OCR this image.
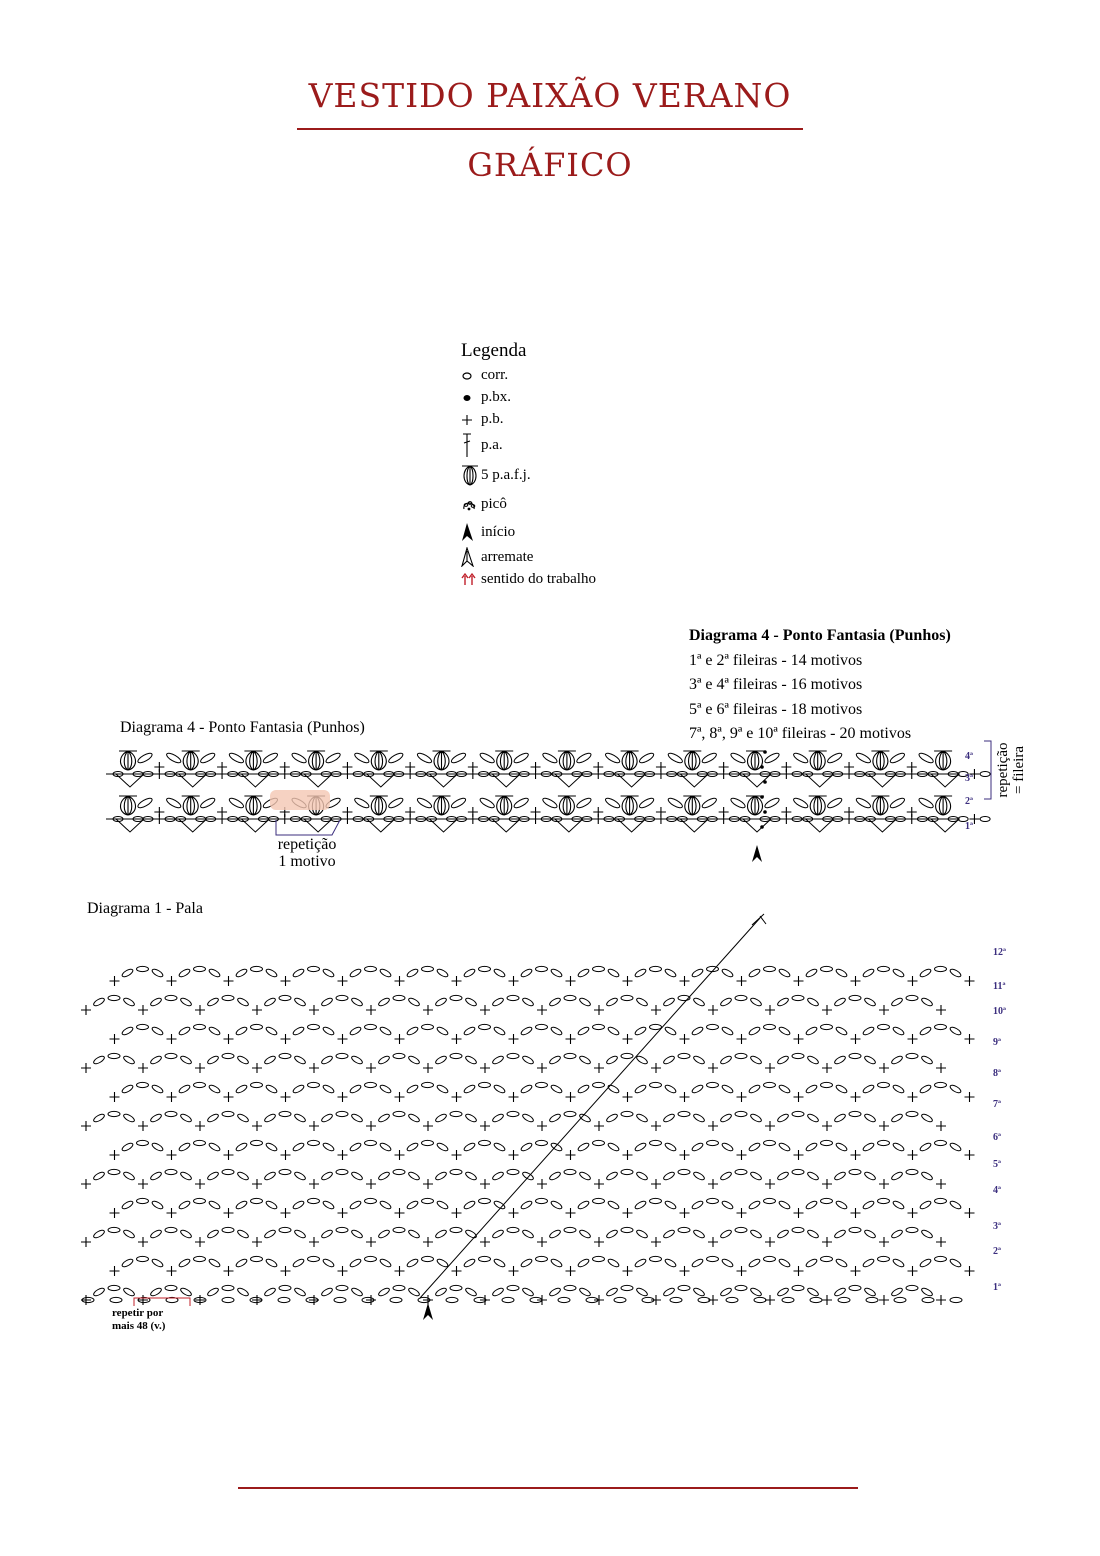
VESTIDO PAIXÃO VERANO
GRÁFICO
Legenda
corr.
p.bx.
p.b.
p.a.
5 p.a.f.j.
picô
início
arremate
sentido do trabalho
Diagrama 4 - Ponto Fantasia (Punhos)
1ª e 2ª fileiras - 14 motivos
3ª e 4ª fileiras - 16 motivos
5ª e 6ª fileiras - 18 motivos
7ª, 8ª, 9ª e 10ª fileiras - 20 motivos
Diagrama 4 - Ponto Fantasia (Punhos)
4ª
3ª
2ª
1ª
repetição
1 motivo
repetição = fileira
Diagrama 1 - Pala
12ª
11ª
10ª
9ª
8ª
7ª
6ª
5ª
4ª
3ª
2ª
1ª
repetir por
mais 48 (v.)
